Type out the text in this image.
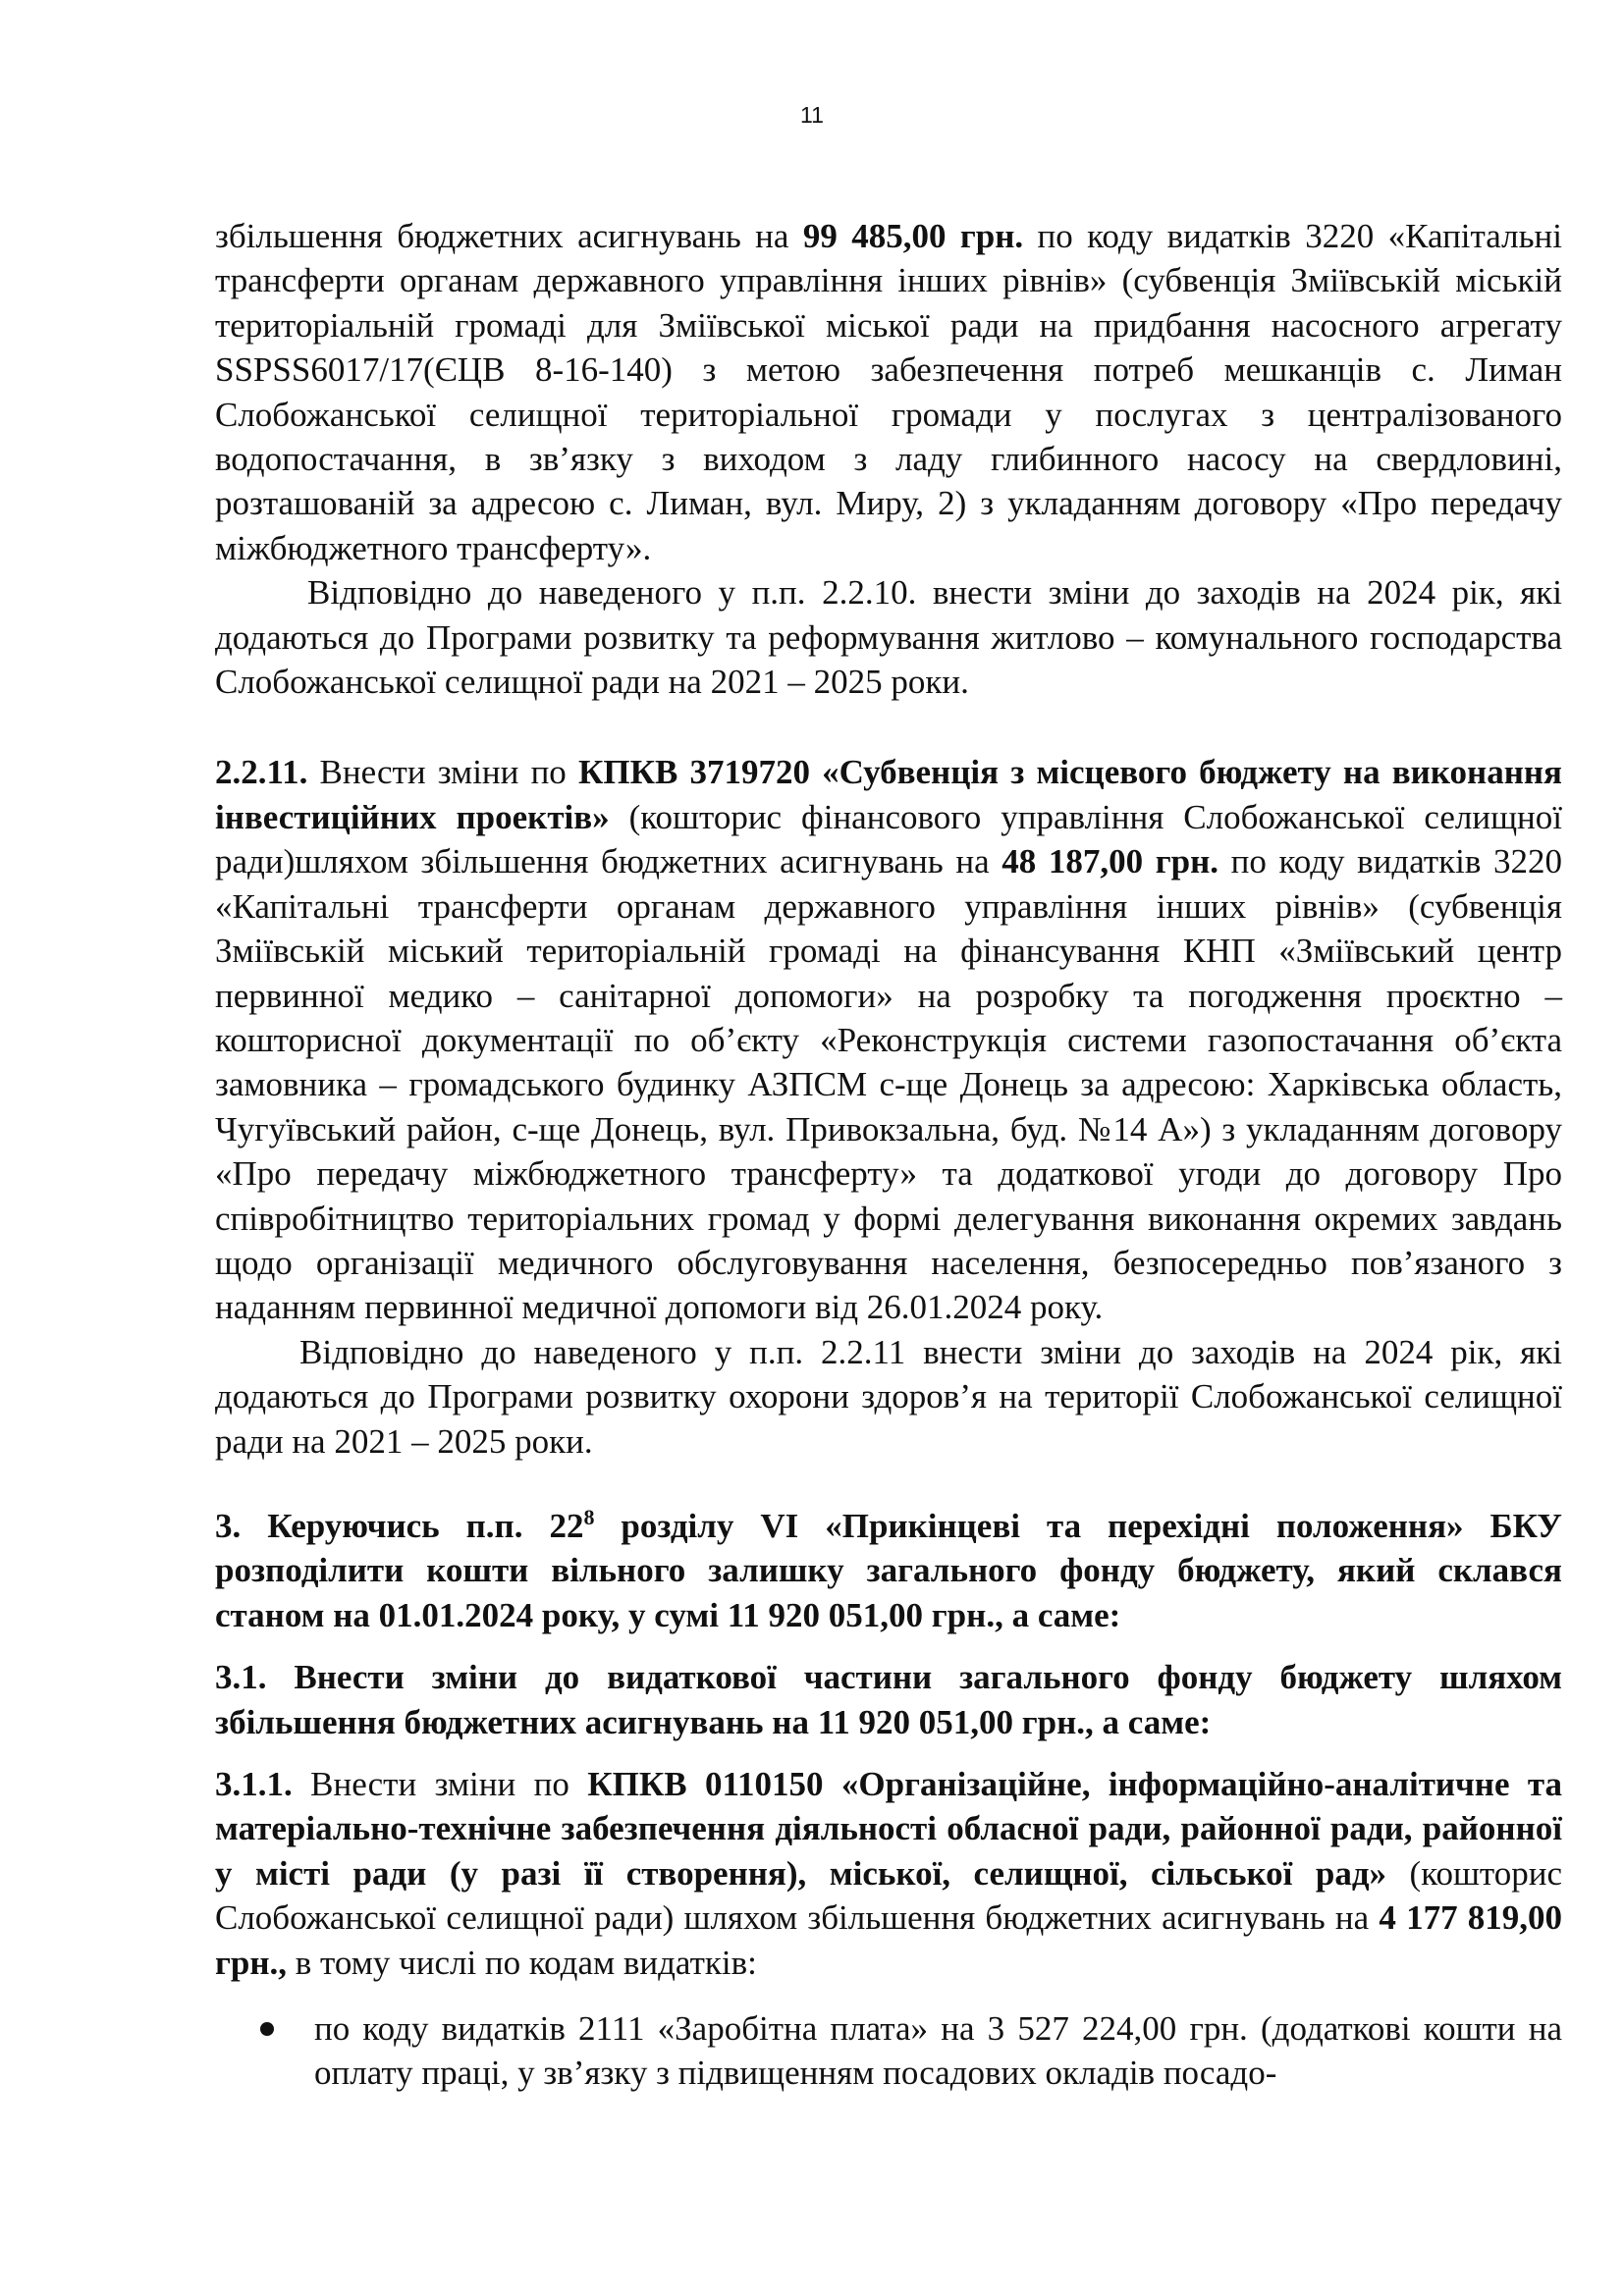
11

збільшення бюджетних асигнувань на 99 485,00 грн. по коду видатків 3220 «Капітальні трансферти органам державного управління інших рівнів» (субвенція Зміївській міській територіальній громаді для Зміївської міської ради на придбання насосного агрегату SSPSS6017/17(ЄЦВ 8-16-140) з метою забезпечення потреб мешканців с. Лиман Слобожанської селищної територіальної громади у послугах з централізованого водопостачання, в зв’язку з виходом з ладу глибинного насосу на свердловині, розташованій за адресою с. Лиман, вул. Миру, 2) з укладанням договору «Про передачу міжбюджетного трансферту».

Відповідно до наведеного у п.п. 2.2.10. внести зміни до заходів на 2024 рік, які додаються до Програми розвитку та реформування житлово – комунального господарства Слобожанської селищної ради на 2021 – 2025 роки.

2.2.11. Внести зміни по КПКВ 3719720 «Субвенція з місцевого бюджету на виконання інвестиційних проектів» (кошторис фінансового управління Слобожанської селищної ради)шляхом збільшення бюджетних асигнувань на 48 187,00 грн. по коду видатків 3220 «Капітальні трансферти органам державного управління інших рівнів» (субвенція Зміївській міський територіальній громаді на фінансування КНП «Зміївський центр первинної медико – санітарної допомоги» на розробку та погодження проєктно – кошторисної документації по об’єкту «Реконструкція системи газопостачання об’єкта замовника – громадського будинку АЗПСМ с-ще Донець за адресою: Харківська область, Чугуївський район, с-ще Донець, вул. Привокзальна, буд. №14 А») з укладанням договору «Про передачу міжбюджетного трансферту» та додаткової угоди до договору Про співробітництво територіальних громад у формі делегування виконання окремих завдань щодо організації медичного обслуговування населення, безпосередньо пов’язаного з наданням первинної медичної допомоги від 26.01.2024 року.

Відповідно до наведеного у п.п. 2.2.11 внести зміни до заходів на 2024 рік, які додаються до Програми розвитку охорони здоров’я на території Слобожанської селищної ради на 2021 – 2025 роки.

3. Керуючись п.п. $22^8$ розділу VI «Прикінцеві та перехідні положення» БКУ розподілити кошти вільного залишку загального фонду бюджету, який склався станом на 01.01.2024 року, у сумі 11 920 051,00 грн., а саме:

3.1. Внести зміни до видаткової частини загального фонду бюджету шляхом збільшення бюджетних асигнувань на 11 920 051,00 грн., а саме:

3.1.1. Внести зміни по КПКВ 0110150 «Організаційне, інформаційно-аналітичне та матеріально-технічне забезпечення діяльності обласної ради, районної ради, районної у місті ради (у разі її створення), міської, селищної, сільської рад» (кошторис Слобожанської селищної ради) шляхом збільшення бюджетних асигнувань на 4 177 819,00 грн., в тому числі по кодам видатків:

по коду видатків 2111 «Заробітна плата» на 3 527 224,00 грн. (додаткові кошти на оплату праці, у зв’язку з підвищенням посадових окладів посадо-
